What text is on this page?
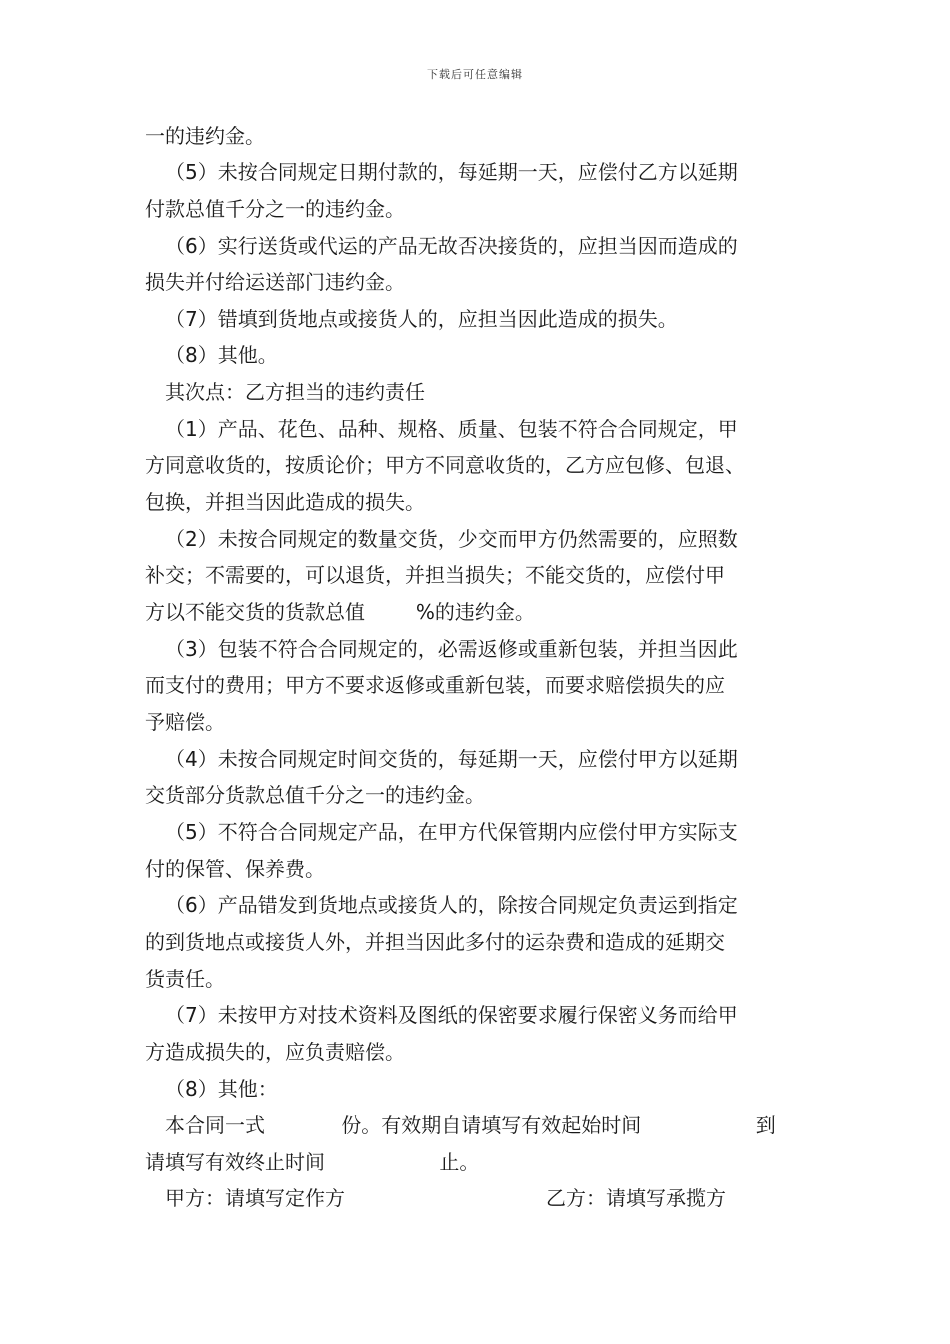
下载后可任意编辑
一的违约金。
（5）未按合同规定日期付款的，每延期一天，应偿付乙方以延期
付款总值千分之一的违约金。
（6）实行送货或代运的产品无故否决接货的，应担当因而造成的
损失并付给运送部门违约金。
（7）错填到货地点或接货人的，应担当因此造成的损失。
（8）其他。
其次点：乙方担当的违约责任
（1）产品、花色、品种、规格、质量、包装不符合合同规定，甲
方同意收货的，按质论价；甲方不同意收货的，乙方应包修、包退、
包换，并担当因此造成的损失。
（2）未按合同规定的数量交货，少交而甲方仍然需要的，应照数
补交；不需要的，可以退货，并担当损失；不能交货的，应偿付甲
方以不能交货的货款总值        %的违约金。
（3）包装不符合合同规定的，必需返修或重新包装，并担当因此
而支付的费用；甲方不要求返修或重新包装，而要求赔偿损失的应
予赔偿。
（4）未按合同规定时间交货的，每延期一天，应偿付甲方以延期
交货部分货款总值千分之一的违约金。
（5）不符合合同规定产品，在甲方代保管期内应偿付甲方实际支
付的保管、保养费。
（6）产品错发到货地点或接货人的，除按合同规定负责运到指定
的到货地点或接货人外，并担当因此多付的运杂费和造成的延期交
货责任。
（7）未按甲方对技术资料及图纸的保密要求履行保密义务而给甲
方造成损失的，应负责赔偿。
（8）其他：
本合同一式            份。有效期自请填写有效起始时间                  到
请填写有效终止时间                  止。
甲方：请填写定作方	乙方：请填写承揽方
